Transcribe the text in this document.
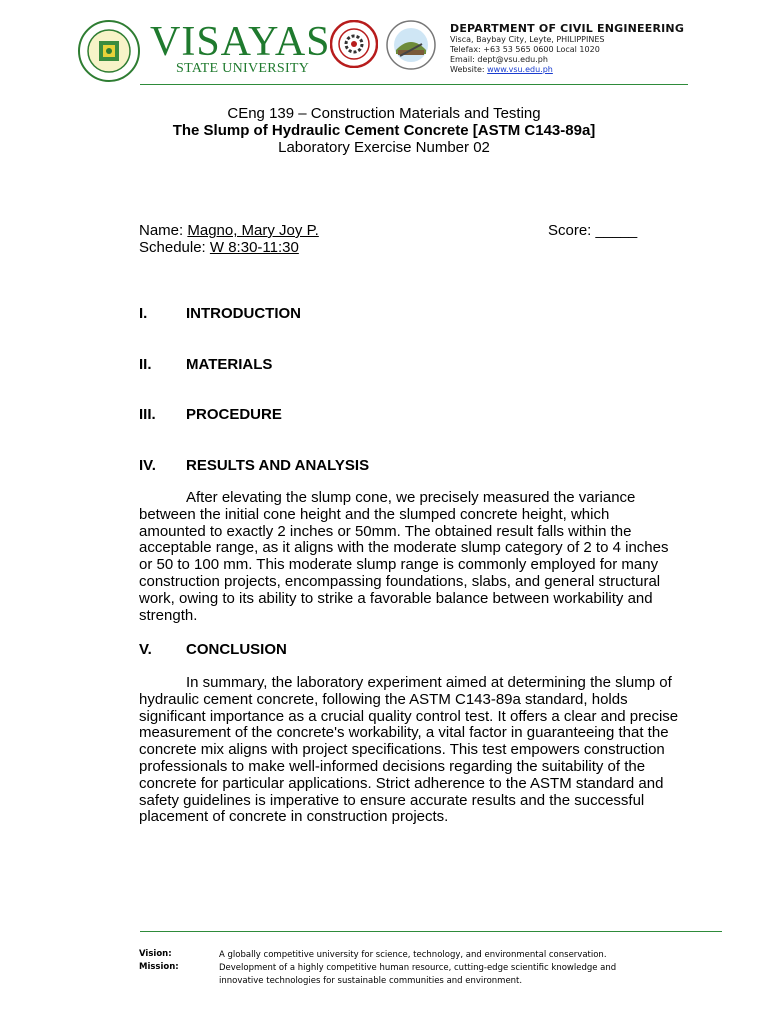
VISAYAS
STATE UNIVERSITY
DEPARTMENT OF CIVIL ENGINEERING
Visca, Baybay City, Leyte, PHILIPPINES
Telefax: +63 53 565 0600 Local 1020
Email: dept@vsu.edu.ph
Website: www.vsu.edu.ph
CEng 139 – Construction Materials and Testing
The Slump of Hydraulic Cement Concrete [ASTM C143-89a]
Laboratory Exercise Number 02
Name: Magno, Mary Joy P.
Schedule: W 8:30-11:30
Score: _____
I.	INTRODUCTION
II. MATERIALS
III. PROCEDURE
IV. RESULTS AND ANALYSIS
After elevating the slump cone, we precisely measured the variance between the initial cone height and the slumped concrete height, which amounted to exactly 2 inches or 50mm. The obtained result falls within the acceptable range, as it aligns with the moderate slump category of 2 to 4 inches or 50 to 100 mm. This moderate slump range is commonly employed for many construction projects, encompassing foundations, slabs, and general structural work, owing to its ability to strike a favorable balance between workability and strength.
V. CONCLUSION
In summary, the laboratory experiment aimed at determining the slump of hydraulic cement concrete, following the ASTM C143-89a standard, holds significant importance as a crucial quality control test. It offers a clear and precise measurement of the concrete's workability, a vital factor in guaranteeing that the concrete mix aligns with project specifications. This test empowers construction professionals to make well-informed decisions regarding the suitability of the concrete for particular applications. Strict adherence to the ASTM standard and safety guidelines is imperative to ensure accurate results and the successful placement of concrete in construction projects.
Vision:	A globally competitive university for science, technology, and environmental conservation.
Mission:	Development of a highly competitive human resource, cutting-edge scientific knowledge and innovative technologies for sustainable communities and environment.
